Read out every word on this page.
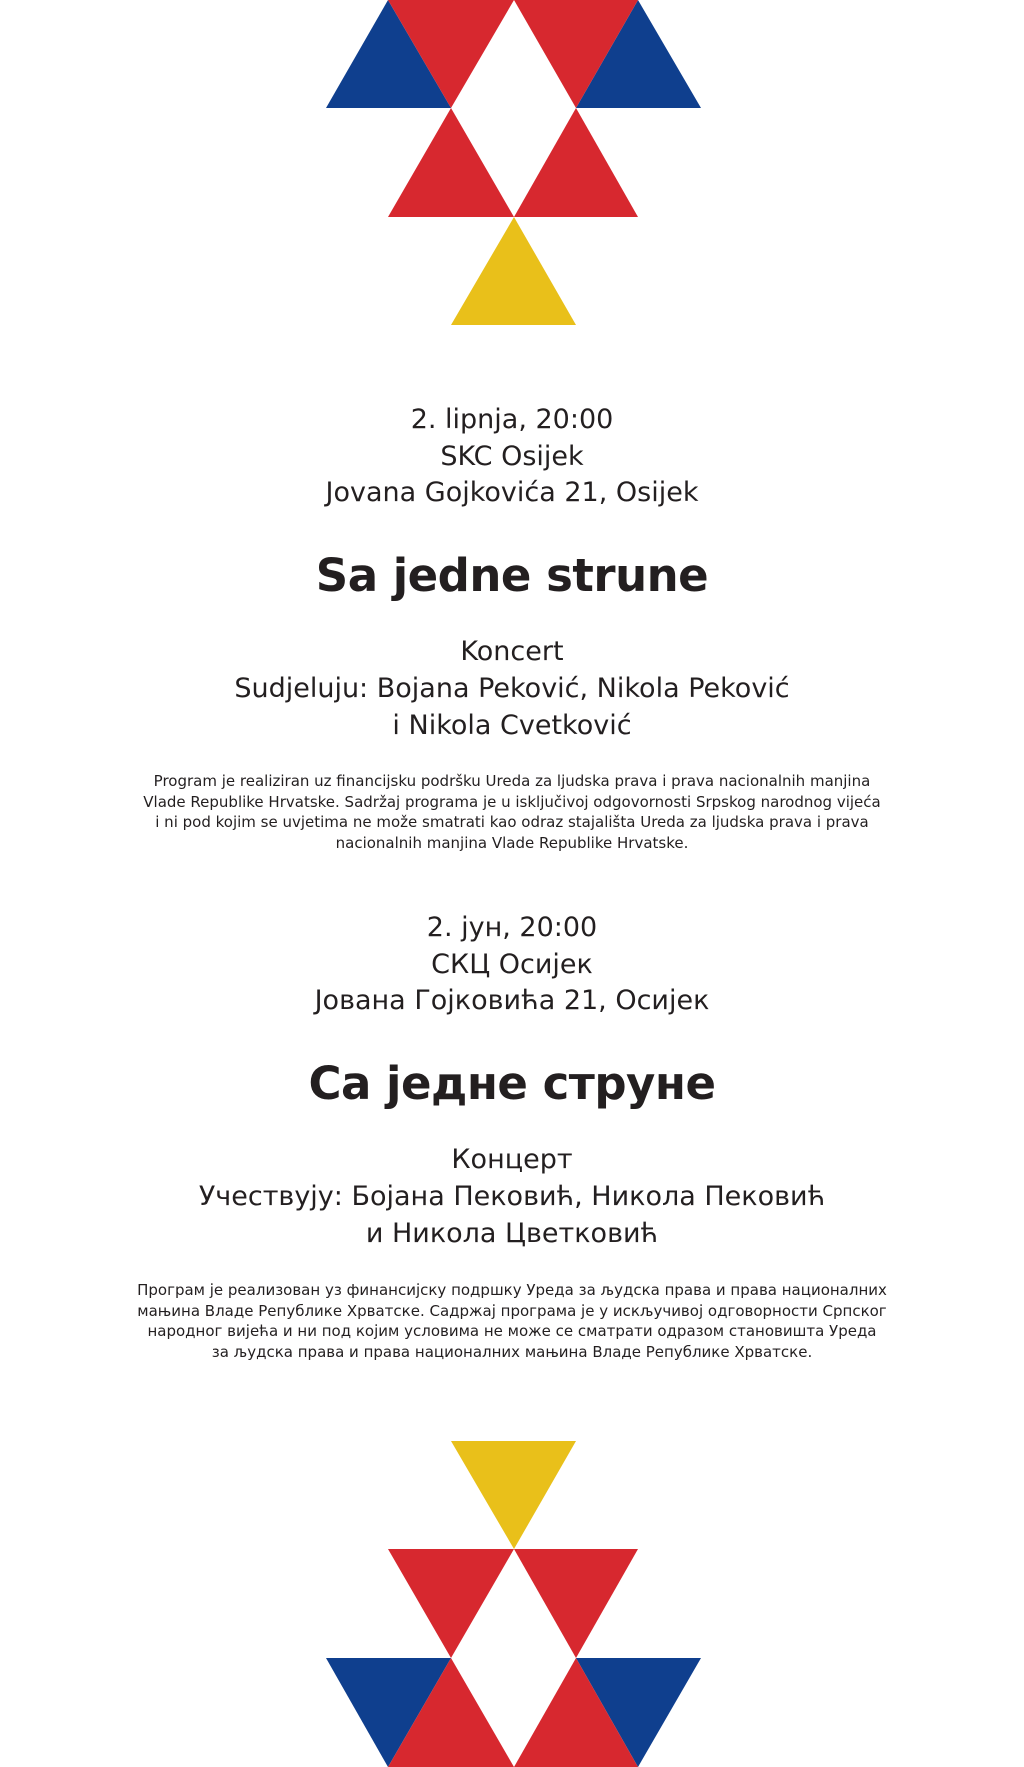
2. lipnja, 20:00
SKC Osijek
Jovana Gojkovića 21, Osijek
Sa jedne strune
Koncert
Sudjeluju: Bojana Peković, Nikola Peković
i Nikola Cvetković
Program je realiziran uz financijsku podršku Ureda za ljudska prava i prava nacionalnih manjina
Vlade Republike Hrvatske. Sadržaj programa je u isključivoj odgovornosti Srpskog narodnog vijeća
i ni pod kojim se uvjetima ne može smatrati kao odraz stajališta Ureda za ljudska prava i prava
nacionalnih manjina Vlade Republike Hrvatske.
2. јун, 20:00
СКЦ Осијек
Јована Гојковића 21, Осијек
Са једне струне
Концерт
Учествују: Бојана Пековић, Никола Пековић
и Никола Цветковић
Програм је реализован уз финансијску подршку Уреда за људска права и права националних
мањина Владе Републике Хрватске. Садржај програма је у искључивој одговорности Српског
народног вијећа и ни под којим условима не може се сматрати одразом становишта Уреда
за људска права и права националних мањина Владе Републике Хрватске.
